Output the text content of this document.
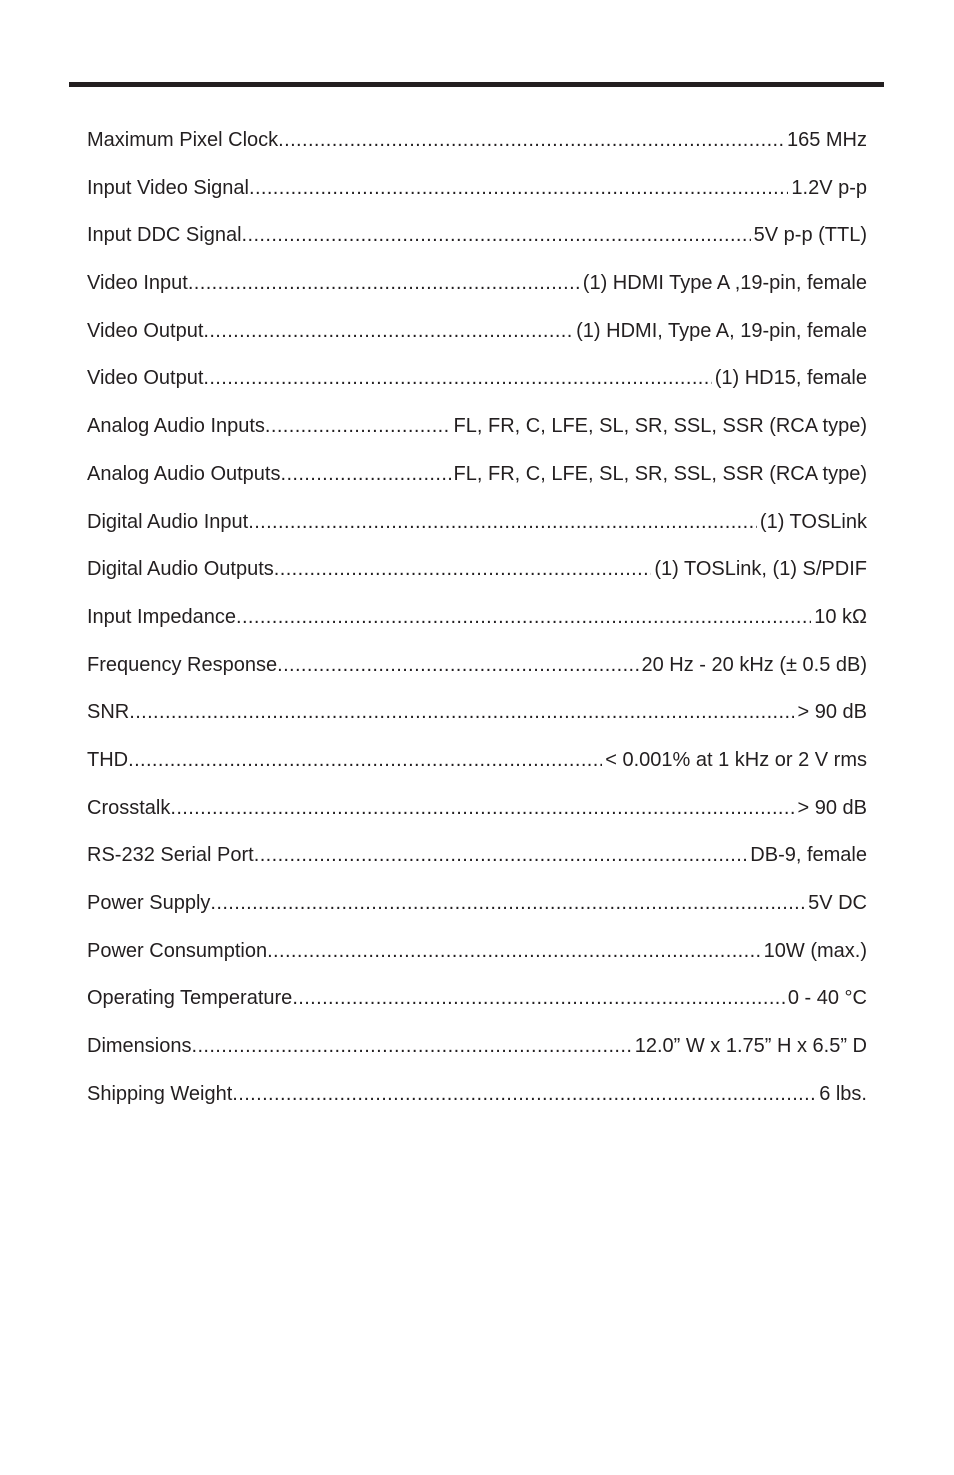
Maximum Pixel Clock .....	165 MHz
Input Video Signal .....	1.2V p-p
Input DDC Signal .....	5V p-p (TTL)
Video Input .....	(1) HDMI Type A ,19-pin, female
Video Output .....	(1) HDMI, Type A, 19-pin, female
Video Output .....	(1) HD15, female
Analog Audio Inputs .....	FL, FR, C, LFE, SL, SR, SSL, SSR (RCA type)
Analog Audio Outputs .....	FL, FR, C, LFE, SL, SR, SSL, SSR (RCA type)
Digital Audio Input .....	(1) TOSLink
Digital Audio Outputs .....	(1) TOSLink, (1) S/PDIF
Input Impedance .....	10 kΩ
Frequency Response .....	20 Hz - 20 kHz (± 0.5 dB)
SNR .....	> 90 dB
THD .....	< 0.001% at 1 kHz or 2 V rms
Crosstalk .....	> 90 dB
RS-232 Serial Port .....	DB-9, female
Power Supply .....	5V DC
Power Consumption .....	10W (max.)
Operating Temperature .....	0 - 40 °C
Dimensions .....	12.0” W x 1.75” H x 6.5” D
Shipping Weight .....	6 lbs.
